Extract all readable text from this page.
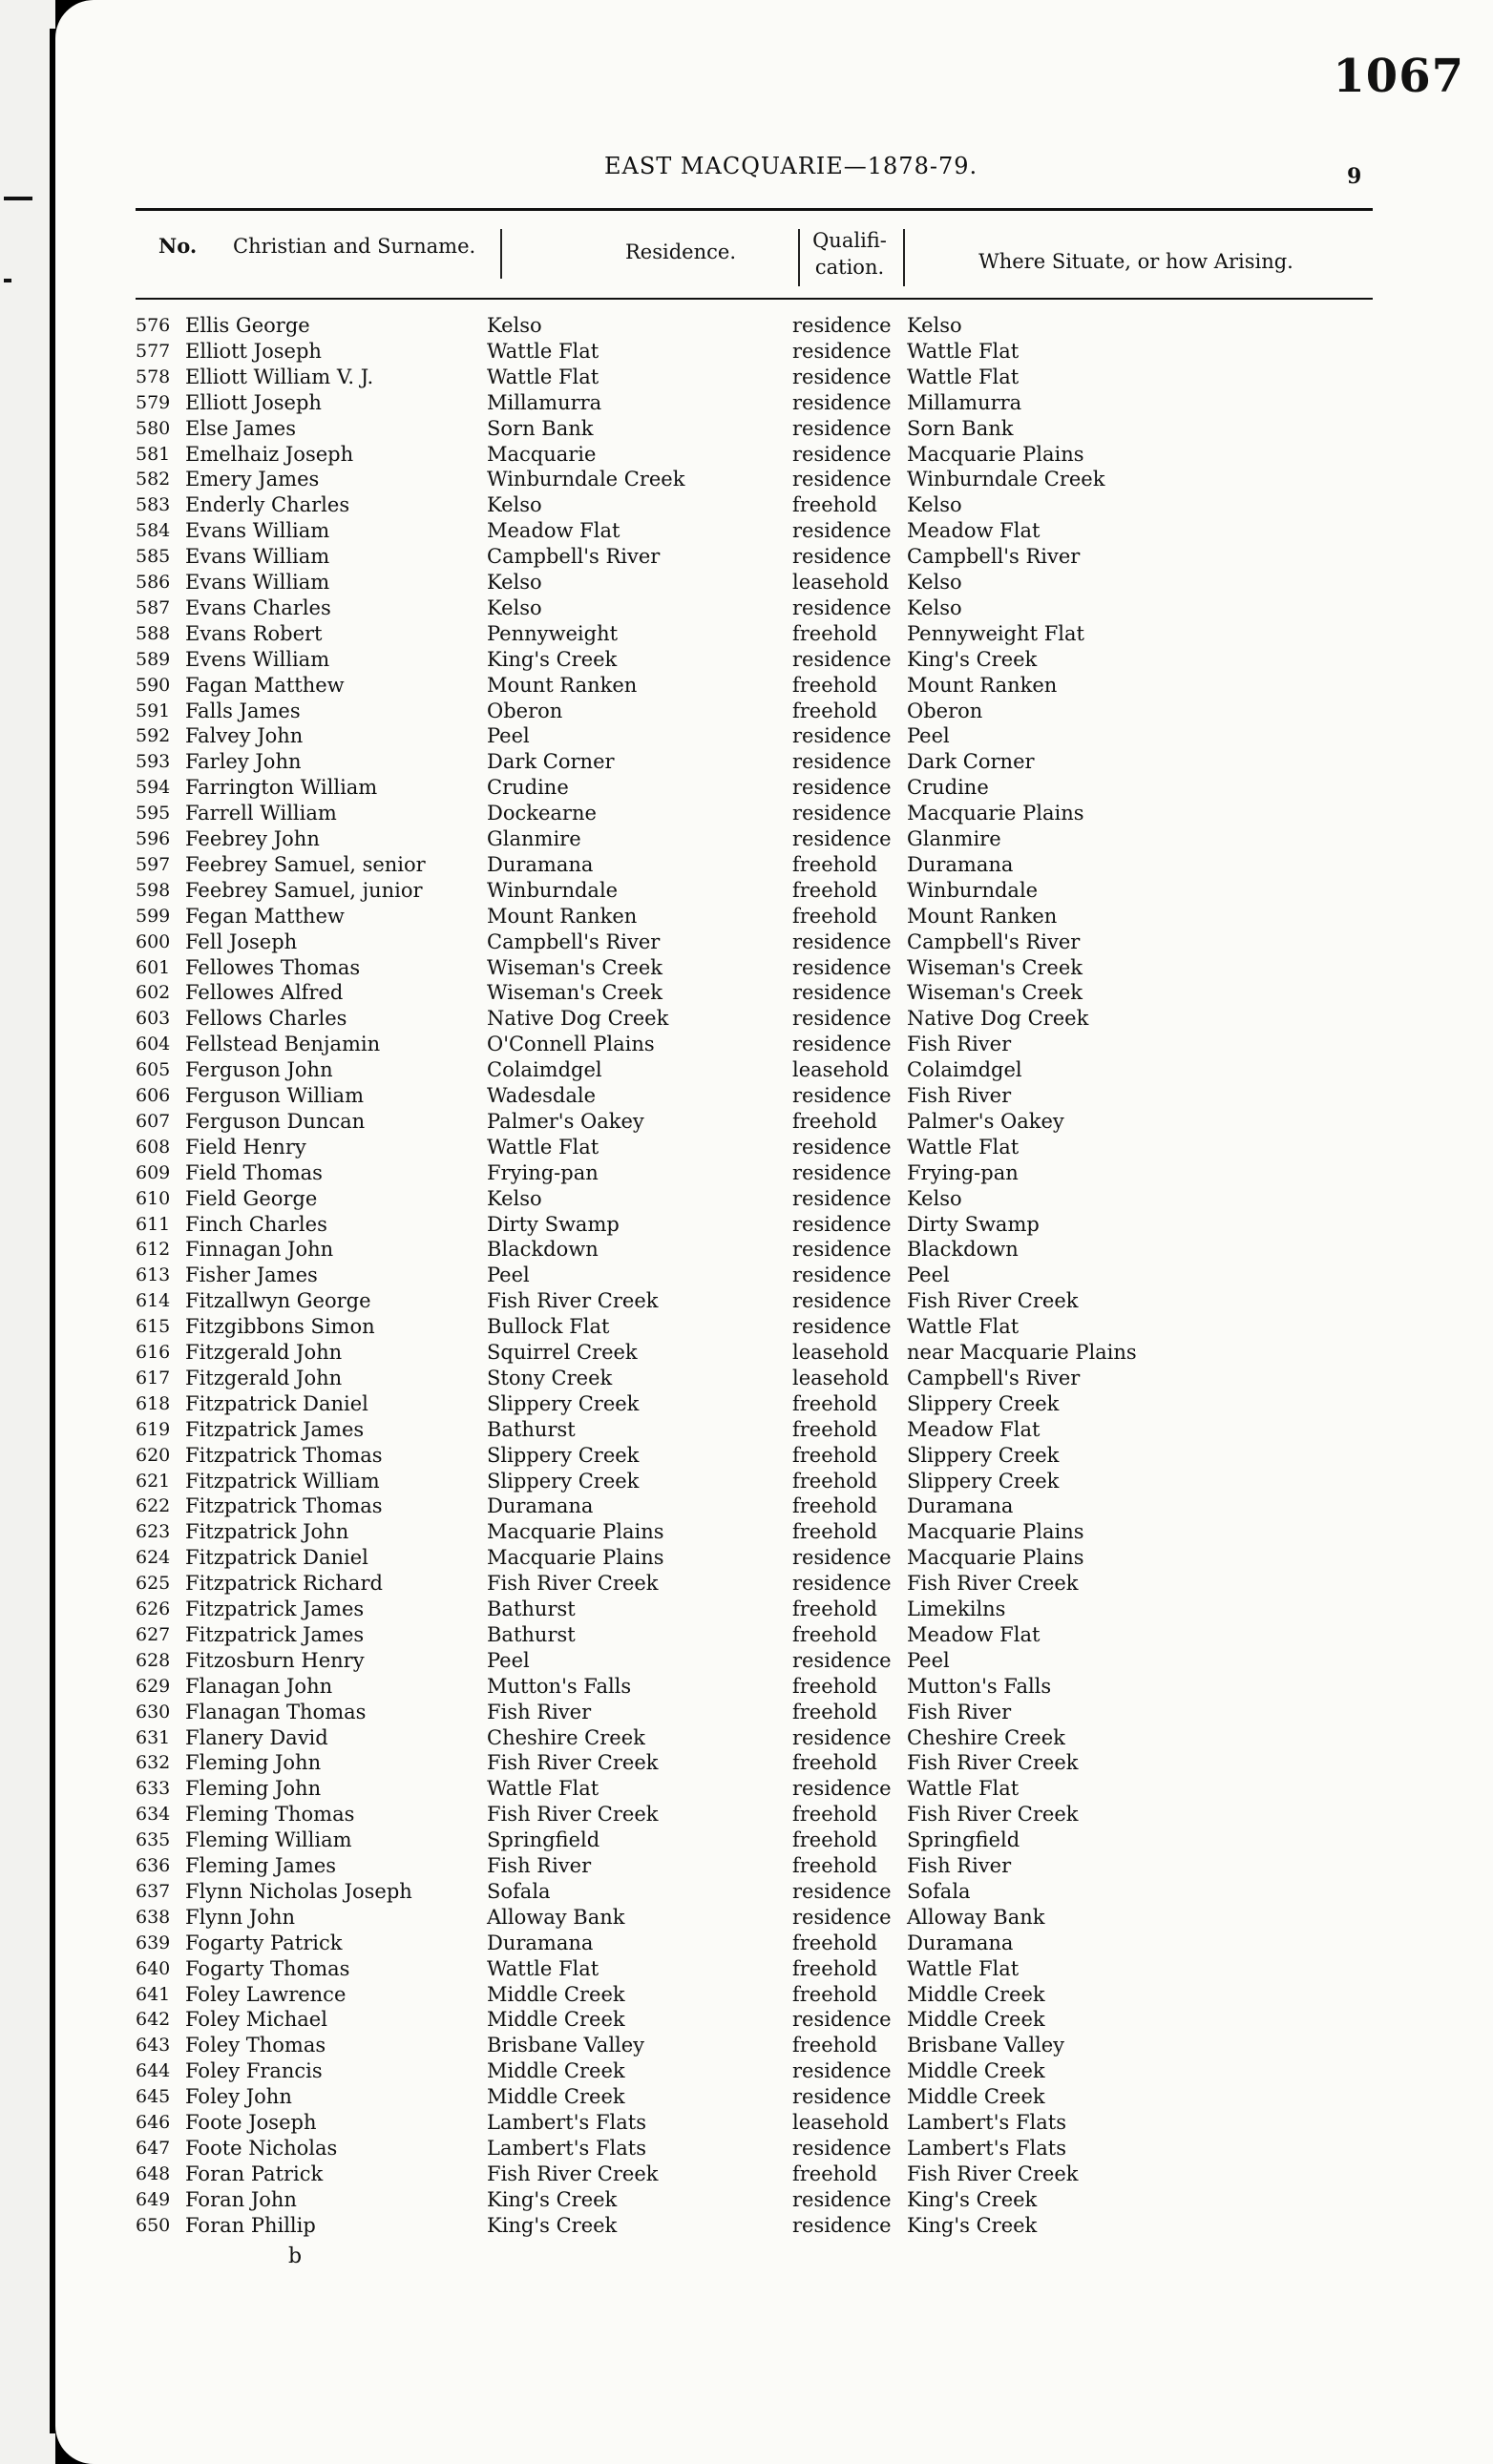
1067
EAST MACQUARIE—1878-79.	9
No. Christian and Surname.	Residence.	Qualifi-
cation.	Where Situate, or how Arising.
576 Ellis George	Kelso	residence Kelso
577 Elliott Joseph	Wattle Flat	residence Wattle Flat
578 Elliott William V. J.	Wattle Flat	residence Wattle Flat
579 Elliott Joseph	Millamurra	residence Millamurra
580 Else James	Sorn Bank	residence Sorn Bank
581 Emelhaiz Joseph	Macquarie	residence Macquarie Plains
582 Emery James	Winburndale Creek	residence Winburndale Creek
583 Enderly Charles	Kelso	freehold Kelso
584 Evans William	Meadow Flat	residence Meadow Flat
585 Evans William	Campbell's River	residence Campbell's River
586 Evans William	Kelso	leasehold Kelso
587 Evans Charles	Kelso	residence Kelso
588 Evans Robert	Pennyweight	freehold Pennyweight Flat
589 Evens William	King's Creek	residence King's Creek
590 Fagan Matthew	Mount Ranken	freehold Mount Ranken
591 Falls James	Oberon	freehold Oberon
592 Falvey John	Peel	residence Peel
593 Farley John	Dark Corner	residence Dark Corner
594 Farrington William	Crudine	residence Crudine
595 Farrell William	Dockearne	residence Macquarie Plains
596 Feebrey John	Glanmire	residence Glanmire
597 Feebrey Samuel, senior	Duramana	freehold Duramana
598 Feebrey Samuel, junior	Winburndale	freehold Winburndale
599 Fegan Matthew	Mount Ranken	freehold Mount Ranken
600 Fell Joseph	Campbell's River	residence Campbell's River
601 Fellowes Thomas	Wiseman's Creek	residence Wiseman's Creek
602 Fellowes Alfred	Wiseman's Creek	residence Wiseman's Creek
603 Fellows Charles	Native Dog Creek	residence Native Dog Creek
604 Fellstead Benjamin	O'Connell Plains	residence Fish River
605 Ferguson John	Colaimdgel	leasehold Colaimdgel
606 Ferguson William	Wadesdale	residence Fish River
607 Ferguson Duncan	Palmer's Oakey	freehold Palmer's Oakey
608 Field Henry	Wattle Flat	residence Wattle Flat
609 Field Thomas	Frying-pan	residence Frying-pan
610 Field George	Kelso	residence Kelso
611 Finch Charles	Dirty Swamp	residence Dirty Swamp
612 Finnagan John	Blackdown	residence Blackdown
613 Fisher James	Peel	residence Peel
614 Fitzallwyn George	Fish River Creek	residence Fish River Creek
615 Fitzgibbons Simon	Bullock Flat	residence Wattle Flat
616 Fitzgerald John	Squirrel Creek	leasehold near Macquarie Plains
617 Fitzgerald John	Stony Creek	leasehold Campbell's River
618 Fitzpatrick Daniel	Slippery Creek	freehold Slippery Creek
619 Fitzpatrick James	Bathurst	freehold Meadow Flat
620 Fitzpatrick Thomas	Slippery Creek	freehold Slippery Creek
621 Fitzpatrick William	Slippery Creek	freehold Slippery Creek
622 Fitzpatrick Thomas	Duramana	freehold Duramana
623 Fitzpatrick John	Macquarie Plains	freehold Macquarie Plains
624 Fitzpatrick Daniel	Macquarie Plains	residence Macquarie Plains
625 Fitzpatrick Richard	Fish River Creek	residence Fish River Creek
626 Fitzpatrick James	Bathurst	freehold Limekilns
627 Fitzpatrick James	Bathurst	freehold Meadow Flat
628 Fitzosburn Henry	Peel	residence Peel
629 Flanagan John	Mutton's Falls	freehold Mutton's Falls
630 Flanagan Thomas	Fish River	freehold Fish River
631 Flanery David	Cheshire Creek	residence Cheshire Creek
632 Fleming John	Fish River Creek	freehold Fish River Creek
633 Fleming John	Wattle Flat	residence Wattle Flat
634 Fleming Thomas	Fish River Creek	freehold Fish River Creek
635 Fleming William	Springfield	freehold Springfield
636 Fleming James	Fish River	freehold Fish River
637 Flynn Nicholas Joseph	Sofala	residence Sofala
638 Flynn John	Alloway Bank	residence Alloway Bank
639 Fogarty Patrick	Duramana	freehold Duramana
640 Fogarty Thomas	Wattle Flat	freehold Wattle Flat
641 Foley Lawrence	Middle Creek	freehold Middle Creek
642 Foley Michael	Middle Creek	residence Middle Creek
643 Foley Thomas	Brisbane Valley	freehold Brisbane Valley
644 Foley Francis	Middle Creek	residence Middle Creek
645 Foley John	Middle Creek	residence Middle Creek
646 Foote Joseph	Lambert's Flats	leasehold Lambert's Flats
647 Foote Nicholas	Lambert's Flats	residence Lambert's Flats
648 Foran Patrick	Fish River Creek	freehold Fish River Creek
649 Foran John	King's Creek	residence King's Creek
650 Foran Phillip	King's Creek	residence King's Creek
b
